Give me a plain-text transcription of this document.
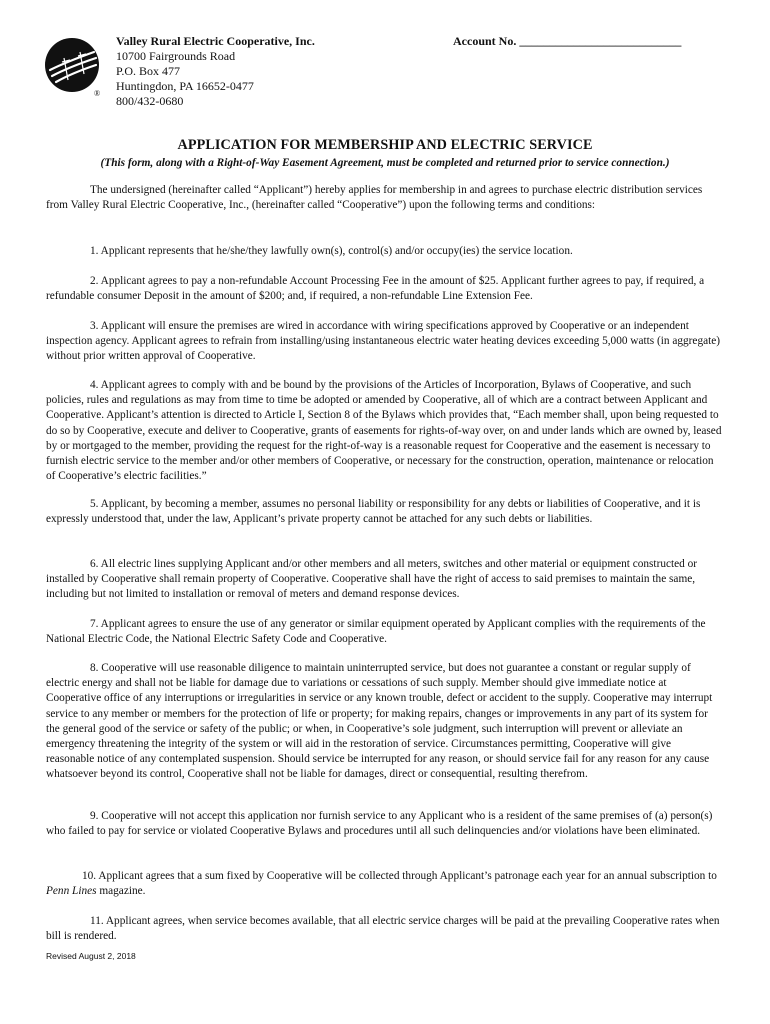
®
Valley Rural Electric Cooperative, Inc.
10700 Fairgrounds Road
P.O. Box 477
Huntingdon, PA 16652-0477
800/432-0680
Account No. ___________________________
APPLICATION FOR MEMBERSHIP AND ELECTRIC SERVICE
(This form, along with a Right-of-Way Easement Agreement, must be completed and returned prior to service connection.)

The undersigned (hereinafter called “Applicant”) hereby applies for membership in and agrees to purchase electric distribution services from Valley Rural Electric Cooperative, Inc., (hereinafter called “Cooperative”) upon the following terms and conditions:

1. Applicant represents that he/she/they lawfully own(s), control(s) and/or occupy(ies) the service location.

2. Applicant agrees to pay a non-refundable Account Processing Fee in the amount of $25. Applicant further agrees to pay, if required, a refundable consumer Deposit in the amount of $200; and, if required, a non-refundable Line Extension Fee.

3. Applicant will ensure the premises are wired in accordance with wiring specifications approved by Cooperative or an independent inspection agency. Applicant agrees to refrain from installing/using instantaneous electric water heating devices exceeding 5,000 watts (in aggregate) without prior written approval of Cooperative.

4. Applicant agrees to comply with and be bound by the provisions of the Articles of Incorporation, Bylaws of Cooperative, and such policies, rules and regulations as may from time to time be adopted or amended by Cooperative, all of which are a contract between Applicant and Cooperative. Applicant’s attention is directed to Article I, Section 8 of the Bylaws which provides that, “Each member shall, upon being requested to do so by Cooperative, execute and deliver to Cooperative, grants of easements for rights-of-way over, on and under lands which are owned by, leased by or mortgaged to the member, providing the request for the right-of-way is a reasonable request for Cooperative and the easement is necessary to furnish electric service to the member and/or other members of Cooperative, or necessary for the construction, operation, maintenance or relocation of Cooperative’s electric facilities.”

5. Applicant, by becoming a member, assumes no personal liability or responsibility for any debts or liabilities of Cooperative, and it is expressly understood that, under the law, Applicant’s private property cannot be attached for any such debts or liabilities.

6. All electric lines supplying Applicant and/or other members and all meters, switches and other material or equipment constructed or installed by Cooperative shall remain property of Cooperative. Cooperative shall have the right of access to said premises to maintain the same, including but not limited to installation or removal of meters and demand response devices.

7. Applicant agrees to ensure the use of any generator or similar equipment operated by Applicant complies with the requirements of the National Electric Code, the National Electric Safety Code and Cooperative.

8. Cooperative will use reasonable diligence to maintain uninterrupted service, but does not guarantee a constant or regular supply of electric energy and shall not be liable for damage due to variations or cessations of such supply. Member should give immediate notice at Cooperative office of any interruptions or irregularities in service or any known trouble, defect or accident to the supply. Cooperative may interrupt service to any member or members for the protection of life or property; for making repairs, changes or improvements in any part of its system for the general good of the service or safety of the public; or when, in Cooperative’s sole judgment, such interruption will prevent or alleviate an emergency threatening the integrity of the system or will aid in the restoration of service. Circumstances permitting, Cooperative will give reasonable notice of any contemplated suspension. Should service be interrupted for any reason, or should service fail for any reason for any cause whatsoever beyond its control, Cooperative shall not be liable for damages, direct or consequential, resulting therefrom.

9. Cooperative will not accept this application nor furnish service to any Applicant who is a resident of the same premises of (a) person(s) who failed to pay for service or violated Cooperative Bylaws and procedures until all such delinquencies and/or violations have been eliminated.

10. Applicant agrees that a sum fixed by Cooperative will be collected through Applicant’s patronage each year for an annual subscription to Penn Lines magazine.

11. Applicant agrees, when service becomes available, that all electric service charges will be paid at the prevailing Cooperative rates when bill is rendered.

Revised August 2, 2018
